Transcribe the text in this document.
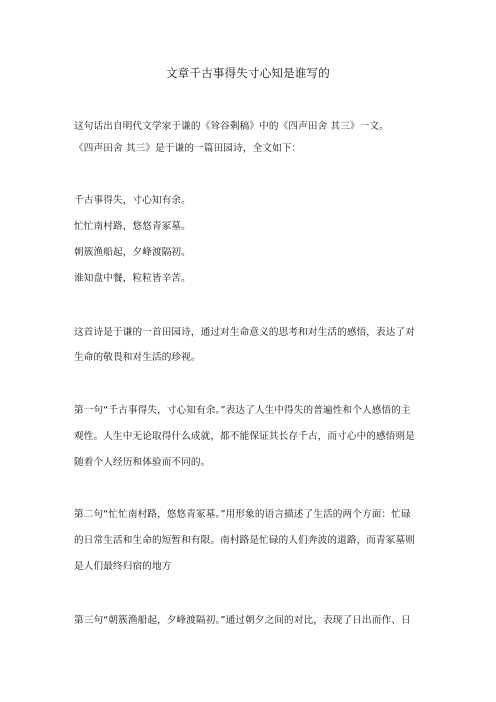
文章千古事得失寸心知是谁写的
这句话出自明代文学家于谦的《耸谷剩稿》中的《四声田舍 其三》一文。
《四声田舍 其三》是于谦的一篇田园诗，全文如下：
千古事得失，寸心知有余。
忙忙南村路，悠悠青冢墓。
朝簇渔船起，夕峰渡隔初。
谁知盘中餐，粒粒皆辛苦。
这首诗是于谦的一首田园诗，通过对生命意义的思考和对生活的感悟，表达了对
生命的敬畏和对生活的珍视。
第一句“千古事得失，寸心知有余。”表达了人生中得失的普遍性和个人感悟的主
观性。人生中无论取得什么成就，都不能保证其长存千古，而寸心中的感悟则是
随着个人经历和体验而不同的。
第二句“忙忙南村路，悠悠青冢墓。”用形象的语言描述了生活的两个方面：忙碌
的日常生活和生命的短暂和有限。南村路是忙碌的人们奔波的道路，而青冢墓则
是人们最终归宿的地方
第三句“朝簇渔船起，夕峰渡隔初。”通过朝夕之间的对比，表现了日出而作、日
